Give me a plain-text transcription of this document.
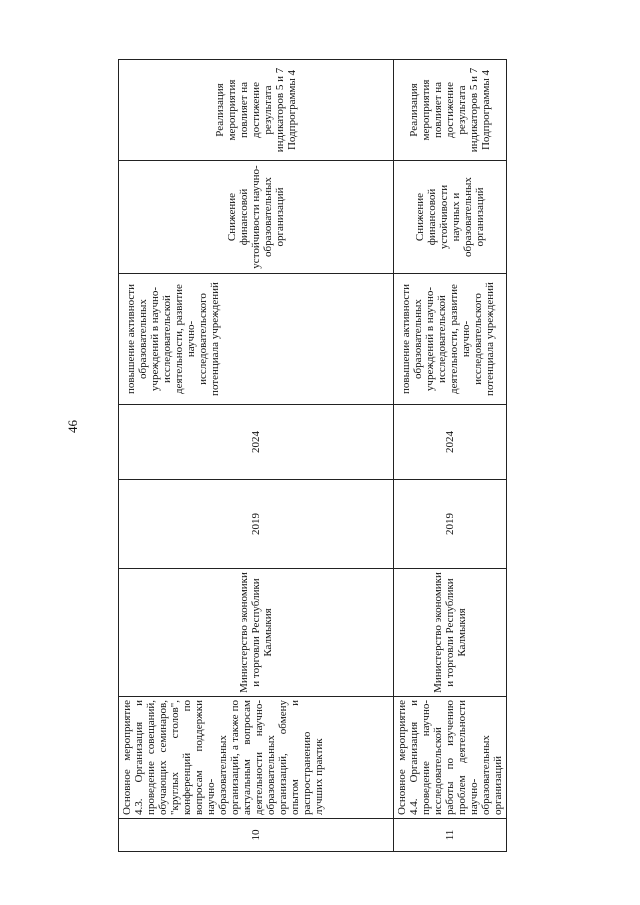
46
10	Основное мероприятие 4.3. Организация и проведение совещаний, обучающих семинаров, "круглых столов", конференций по вопросам поддержки научно-образовательных организаций, а также по актуальным вопросам деятельности научно-образовательных организаций, обмену опытом и распространению лучших практик	Министерство экономики и торговли Республики Калмыкия	2019	2024	повышение активности образовательных учреждений в научно-исследовательской деятельности, развитие научно-исследовательского потенциала учреждений	Снижение финансовой устойчивости научно-образовательных организаций	Реализация мероприятия повлияет на достижение результата индикаторов 5 и 7 Подпрограммы 4
11	Основное мероприятие 4.4. Организация и проведение научно-исследовательской работы по изучению проблем деятельности научно-образовательных организаций	Министерство экономики и торговли Республики Калмыкия	2019	2024	повышение активности образовательных учреждений в научно-исследовательской деятельности, развитие научно-исследовательского потенциала учреждений	Снижение финансовой устойчивости научных и образовательных организаций	Реализация мероприятия повлияет на достижение результата индикаторов 5 и 7 Подпрограммы 4
